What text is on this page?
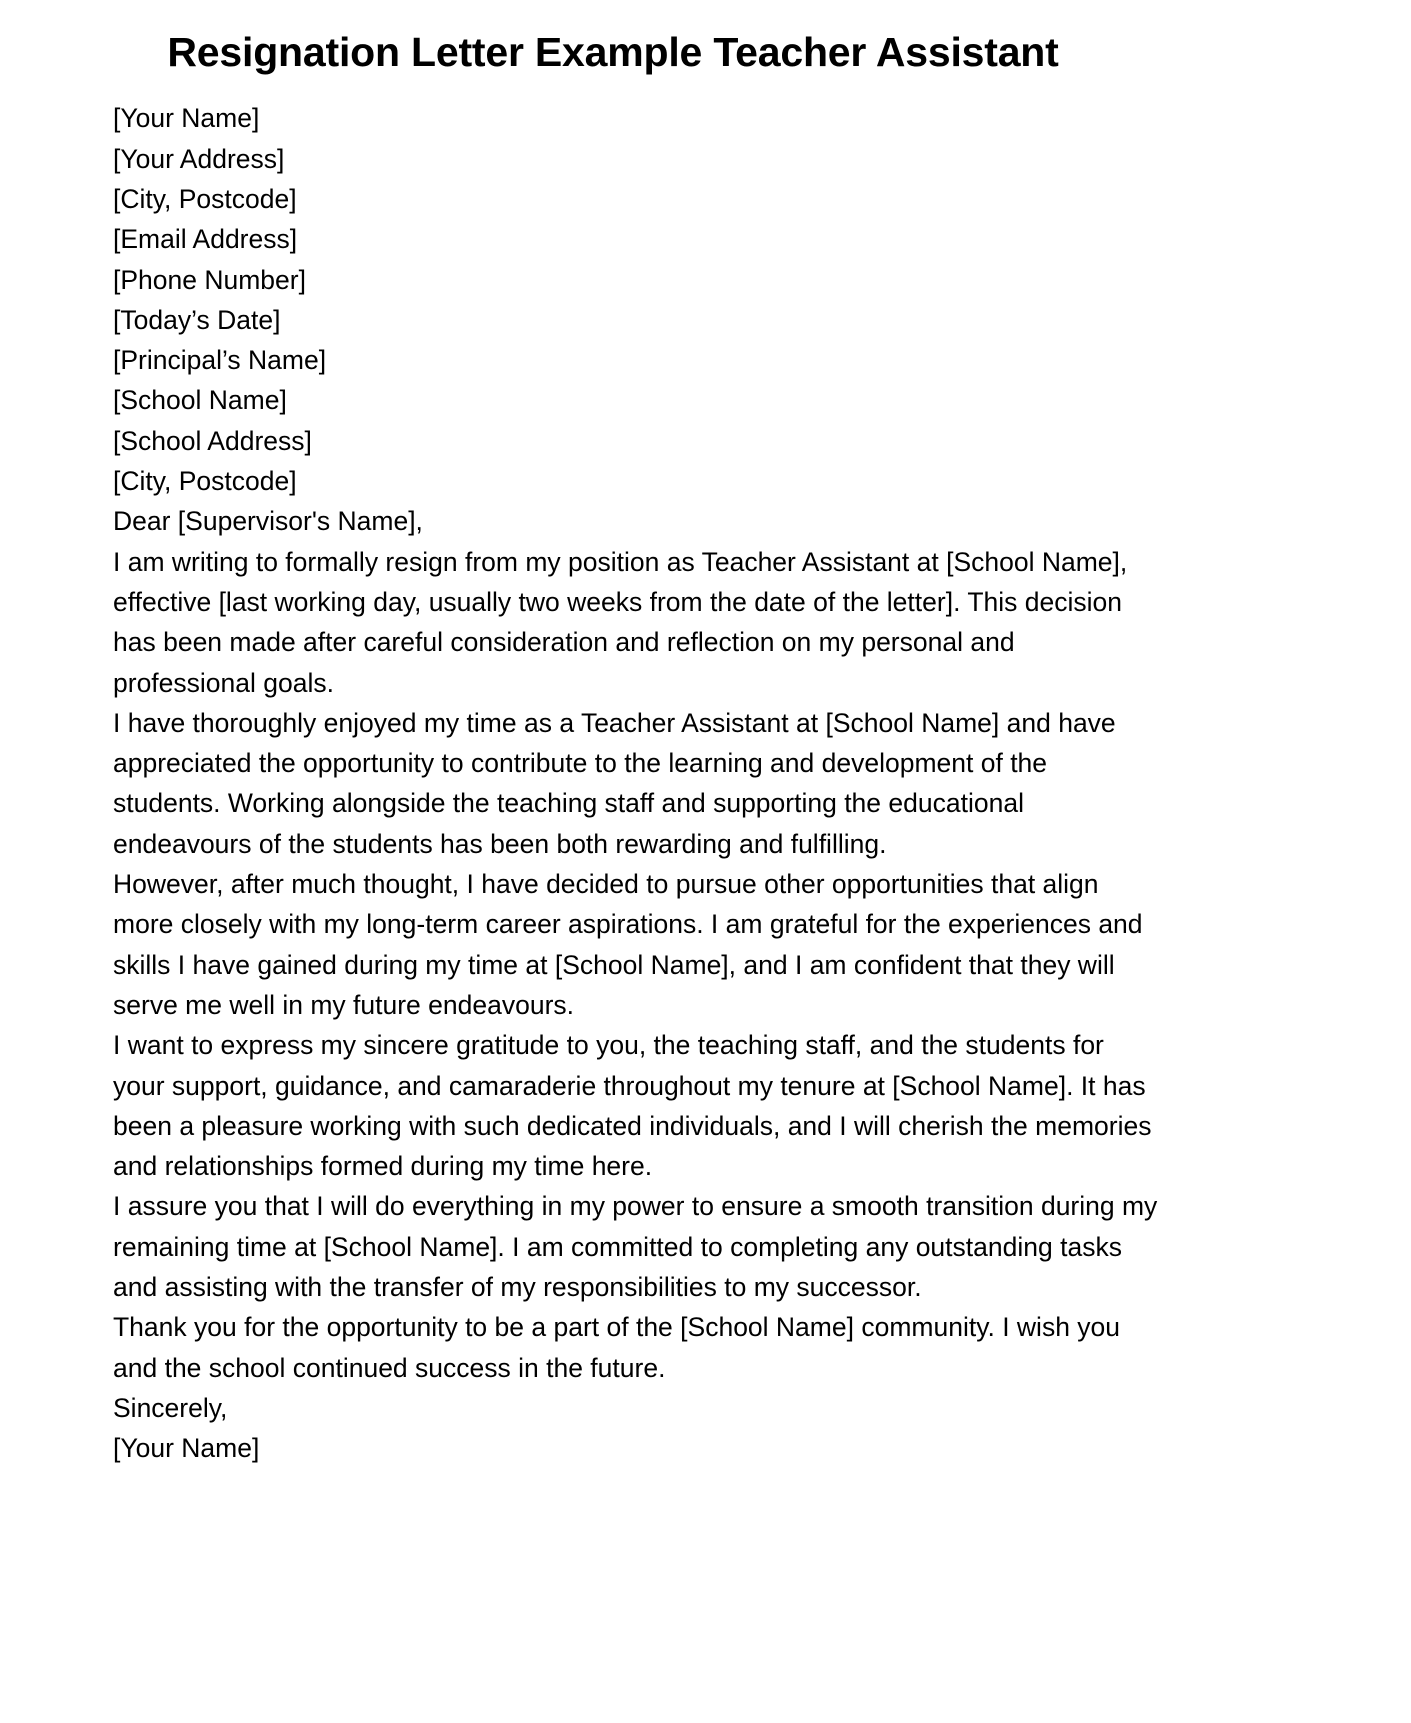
Resignation Letter Example Teacher Assistant
[Your Name]
[Your Address]
[City, Postcode]
[Email Address]
[Phone Number]
[Today’s Date]
[Principal’s Name]
[School Name]
[School Address]
[City, Postcode]
Dear [Supervisor's Name],

I am writing to formally resign from my position as Teacher Assistant at [School Name], effective [last working day, usually two weeks from the date of the letter]. This decision has been made after careful consideration and reflection on my personal and professional goals.

I have thoroughly enjoyed my time as a Teacher Assistant at [School Name] and have appreciated the opportunity to contribute to the learning and development of the students. Working alongside the teaching staff and supporting the educational endeavours of the students has been both rewarding and fulfilling.

However, after much thought, I have decided to pursue other opportunities that align more closely with my long-term career aspirations. I am grateful for the experiences and skills I have gained during my time at [School Name], and I am confident that they will serve me well in my future endeavours.

I want to express my sincere gratitude to you, the teaching staff, and the students for your support, guidance, and camaraderie throughout my tenure at [School Name]. It has been a pleasure working with such dedicated individuals, and I will cherish the memories and relationships formed during my time here.

I assure you that I will do everything in my power to ensure a smooth transition during my remaining time at [School Name]. I am committed to completing any outstanding tasks and assisting with the transfer of my responsibilities to my successor.

Thank you for the opportunity to be a part of the [School Name] community. I wish you and the school continued success in the future.

Sincerely,
[Your Name]
